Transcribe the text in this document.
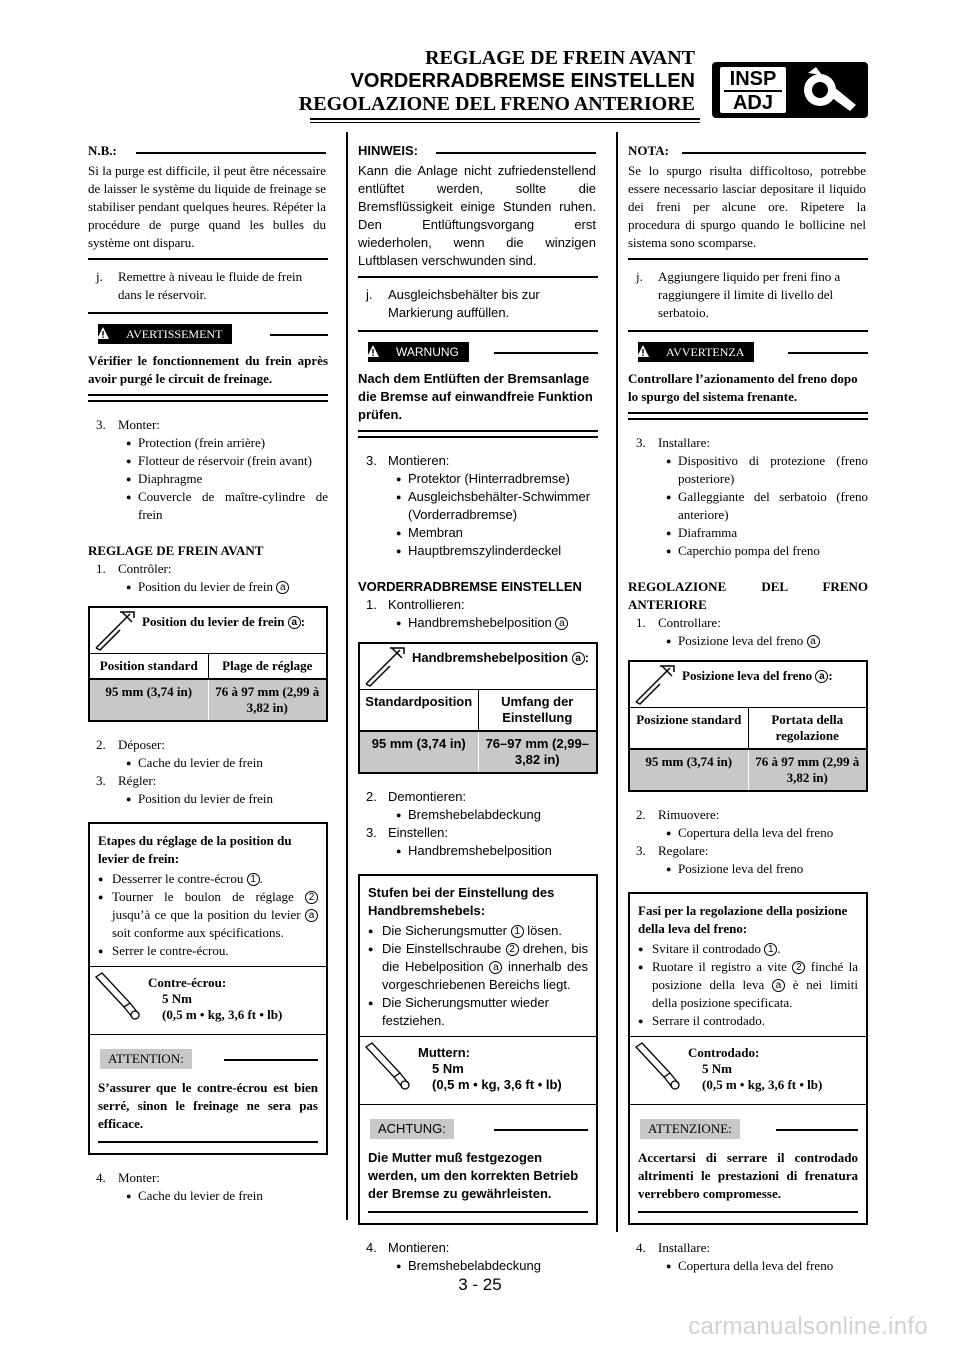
REGLAGE DE FREIN AVANT
VORDERRADBREMSE EINSTELLEN
REGOLAZIONE DEL FRENO ANTERIORE
INSP
ADJ
N.B.:
Si la purge est difficile, il peut être nécessaire de laisser le système du liquide de freinage se stabiliser pendant quelques heures. Répéter la procédure de purge quand les bulles du système ont disparu.
j. Remettre à niveau le fluide de frein dans le réservoir.
AVERTISSEMENT
Vérifier le fonctionnement du frein après avoir purgé le circuit de freinage.
3. Monter:
● Protection (frein arrière)
● Flotteur de réservoir (frein avant)
● Diaphragme
● Couvercle de maître-cylindre de frein
REGLAGE DE FREIN AVANT
1. Contrôler:
● Position du levier de frein a
Position du levier de frein a :
Position standard	Plage de réglage
95 mm (3,74 in)	76 à 97 mm (2,99 à 3,82 in)
2. Déposer:
● Cache du levier de frein
3. Régler:
● Position du levier de frein
Etapes du réglage de la position du levier de frein:
● Desserrer le contre-écrou 1 .
● Tourner le boulon de réglage 2 jusqu’à ce que la position du levier a soit conforme aux spécifications.
● Serrer le contre-écrou.
Contre-écrou:
5 Nm
(0,5 m • kg, 3,6 ft • lb)
ATTENTION:
S’assurer que le contre-écrou est bien serré, sinon le freinage ne sera pas efficace.
4. Monter:
● Cache du levier de frein
HINWEIS:
Kann die Anlage nicht zufriedenstellend entlüftet werden, sollte die Bremsflüssigkeit einige Stunden ruhen. Den Entlüftungsvorgang erst wiederholen, wenn die winzigen Luftblasen verschwunden sind.
j. Ausgleichsbehälter bis zur Markierung auffüllen.
WARNUNG
Nach dem Entlüften der Bremsanlage die Bremse auf einwandfreie Funktion prüfen.
3. Montieren:
● Protektor (Hinterradbremse)
● Ausgleichsbehälter-Schwimmer (Vorderradbremse)
● Membran
● Hauptbremszylinderdeckel
VORDERRADBREMSE EINSTELLEN
1. Kontrollieren:
● Handbremshebelposition a
Handbremshebelposition a :
Standardposition	Umfang der Einstellung
95 mm (3,74 in)	76–97 mm (2,99–3,82 in)
2. Demontieren:
● Bremshebelabdeckung
3. Einstellen:
● Handbremshebelposition
Stufen bei der Einstellung des Handbremshebels:
● Die Sicherungsmutter 1 lösen.
● Die Einstellschraube 2 drehen, bis die Hebelposition a innerhalb des vorgeschriebenen Bereichs liegt.
● Die Sicherungsmutter wieder festziehen.
Muttern:
5 Nm
(0,5 m • kg, 3,6 ft • lb)
ACHTUNG:
Die Mutter muß festgezogen werden, um den korrekten Betrieb der Bremse zu gewährleisten.
4. Montieren:
● Bremshebelabdeckung
NOTA:
Se lo spurgo risulta difficoltoso, potrebbe essere necessario lasciar depositare il liquido dei freni per alcune ore. Ripetere la procedura di spurgo quando le bollicine nel sistema sono scomparse.
j. Aggiungere liquido per freni fino a raggiungere il limite di livello del serbatoio.
AVVERTENZA
Controllare l’azionamento del freno dopo lo spurgo del sistema frenante.
3. Installare:
● Dispositivo di protezione (freno posteriore)
● Galleggiante del serbatoio (freno anteriore)
● Diaframma
● Caperchio pompa del freno
REGOLAZIONE DEL FRENO ANTERIORE
1. Controllare:
● Posizione leva del freno a
Posizione leva del freno a :
Posizione standard	Portata della regolazione
95 mm (3,74 in)	76 à 97 mm (2,99 à 3,82 in)
2. Rimuovere:
● Copertura della leva del freno
3. Regolare:
● Posizione leva del freno
Fasi per la regolazione della posizione della leva del freno:
● Svitare il controdado 1 .
● Ruotare il registro a vite 2 finché la posizione della leva a è nei limiti della posizione specificata.
● Serrare il controdado.
Controdado:
5 Nm
(0,5 m • kg, 3,6 ft • lb)
ATTENZIONE:
Accertarsi di serrare il controdado altrimenti le prestazioni di frenatura verrebbero compromesse.
4. Installare:
● Copertura della leva del freno
3 - 25
carmanualsonline.info
